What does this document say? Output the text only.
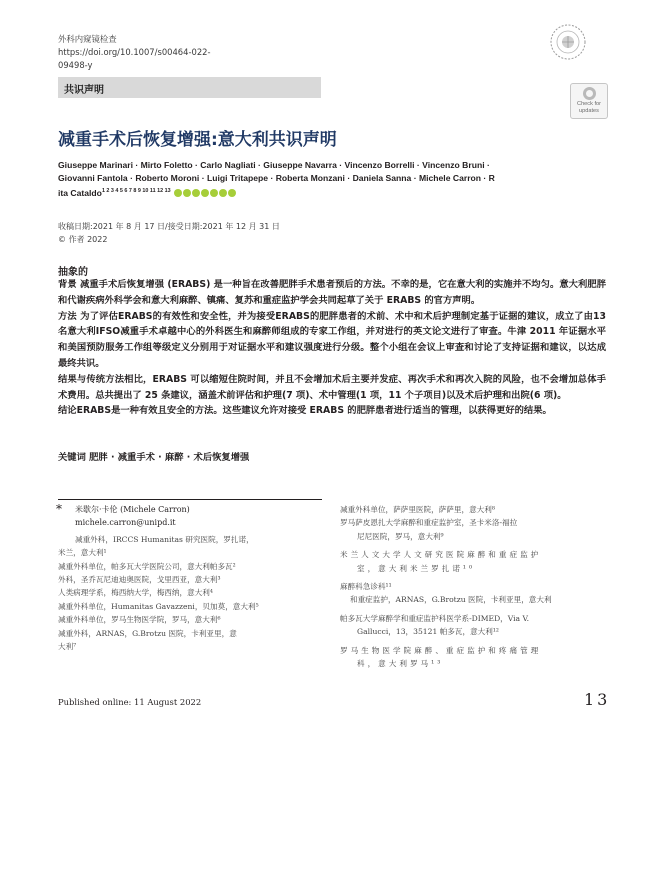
外科内窥镜检查
https://doi.org/10.1007/s00464-022-
09498-y
共识声明
Check for
updates
减重手术后恢复增强:意大利共识声明
Giuseppe Marinari · Mirto Foletto · Carlo Nagliati · Giuseppe Navarra · Vincenzo Borrelli · Vincenzo Bruni ·
Giovanni Fantola · Roberto Moroni · Luigi Tritapepe · Roberta Monzani · Daniela Sanna · Michele Carron · R
ita Cataldo$^{1 2 3 4 5 6 7 8 9 10 11 12 13}$
收稿日期:2021 年 8 月 17 日/接受日期:2021 年 12 月 31 日
© 作者 2022
抽象的

背景 减重手术后恢复增强 (ERABS) 是一种旨在改善肥胖手术患者预后的方法。不幸的是，它在意大利的实施并不均匀。意大利肥胖和代谢疾病外科学会和意大利麻醉、镇痛、复苏和重症监护学会共同起草了关于 ERABS 的官方声明。

方法 为了评估ERABS的有效性和安全性，并为接受ERABS的肥胖患者的术前、术中和术后护理制定基于证据的建议，成立了由13名意大利IFSO减重手术卓越中心的外科医生和麻醉师组成的专家工作组，并对进行的英文论文进行了审查。牛津 2011 年证据水平和美国预防服务工作组等级定义分别用于对证据水平和建议强度进行分级。整个小组在会议上审查和讨论了支持证据和建议，以达成最终共识。

结果与传统方法相比，ERABS 可以缩短住院时间，并且不会增加术后主要并发症、再次手术和再次入院的风险，也不会增加总体手术费用。总共提出了 25 条建议，涵盖术前评估和护理(7 项)、术中管理(1 项，11 个子项目)以及术后护理和出院(6 项)。

结论ERABS是一种有效且安全的方法。这些建议允许对接受 ERABS 的肥胖患者进行适当的管理，以获得更好的结果。

关键词 肥胖 · 减重手术 · 麻醉 · 术后恢复增强
*	米歇尔·卡伦 (Michele Carron)
michele.carron@unipd.it
减重外科，IRCCS Humanitas 研究医院，罗扎诺，
米兰，意大利¹
减重外科单位，帕多瓦大学医院公司，意大利帕多瓦²
外科，圣乔瓦尼迪迪奥医院，戈里西亚，意大利³
人类病理学系，梅西纳大学，梅西纳，意大利⁴
减重外科单位，Humanitas Gavazzeni，贝加莫，意大利⁵
减重外科单位，罗马生物医学院，罗马，意大利⁶
减重外科，ARNAS，G.Brotzu 医院，卡利亚里，意
大利⁷
减重外科单位，萨萨里医院，萨萨里，意大利⁸
罗马萨皮恩扎大学麻醉和重症监护室，圣卡米洛-福拉
尼尼医院，罗马，意大利⁹
米兰人文大学人文研究医院麻醉和重症监护
室，意大利米兰罗扎诺¹⁰
麻醉科急诊科¹¹
和重症监护，ARNAS，G.Brotzu 医院，卡利亚里，意大利
帕多瓦大学麻醉学和重症监护科医学系-DIMED，Via V.
Gallucci，13，35121 帕多瓦，意大利¹²
罗马生物医学院麻醉、重症监护和疼痛管理
科，意大利罗马¹³
Published online: 11 August 2022	13
